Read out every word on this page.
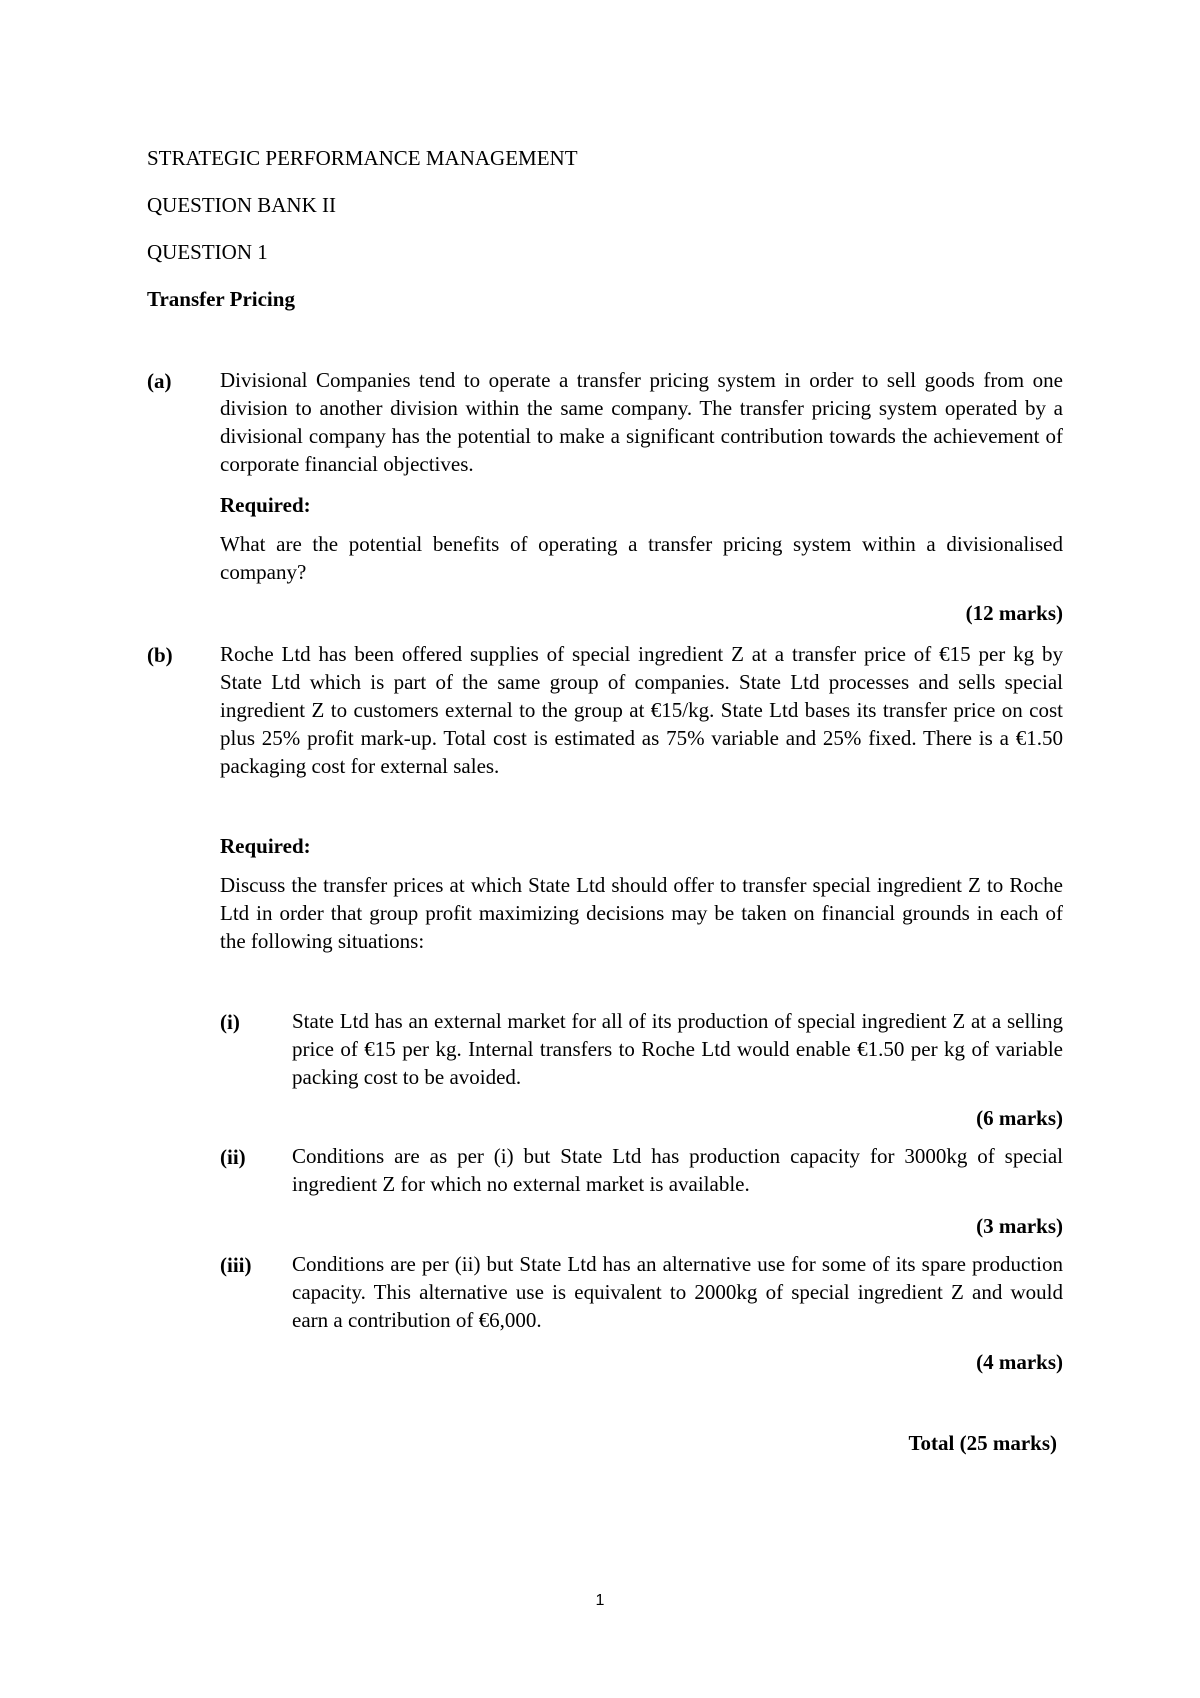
STRATEGIC PERFORMANCE MANAGEMENT
QUESTION BANK II
QUESTION 1
Transfer Pricing
(a) Divisional Companies tend to operate a transfer pricing system in order to sell goods from one division to another division within the same company. The transfer pricing system operated by a divisional company has the potential to make a significant contribution towards the achievement of corporate financial objectives.

Required:

What are the potential benefits of operating a transfer pricing system within a divisionalised company?

(12 marks)
(b) Roche Ltd has been offered supplies of special ingredient Z at a transfer price of €15 per kg by State Ltd which is part of the same group of companies. State Ltd processes and sells special ingredient Z to customers external to the group at €15/kg. State Ltd bases its transfer price on cost plus 25% profit mark-up. Total cost is estimated as 75% variable and 25% fixed. There is a €1.50 packaging cost for external sales.

Required:

Discuss the transfer prices at which State Ltd should offer to transfer special ingredient Z to Roche Ltd in order that group profit maximizing decisions may be taken on financial grounds in each of the following situations:

(i) State Ltd has an external market for all of its production of special ingredient Z at a selling price of €15 per kg. Internal transfers to Roche Ltd would enable €1.50 per kg of variable packing cost to be avoided.

(6 marks)
(ii) Conditions are as per (i) but State Ltd has production capacity for 3000kg of special ingredient Z for which no external market is available.

(3 marks)
(iii) Conditions are per (ii) but State Ltd has an alternative use for some of its spare production capacity. This alternative use is equivalent to 2000kg of special ingredient Z and would earn a contribution of €6,000.

(4 marks)
Total (25 marks)
1
